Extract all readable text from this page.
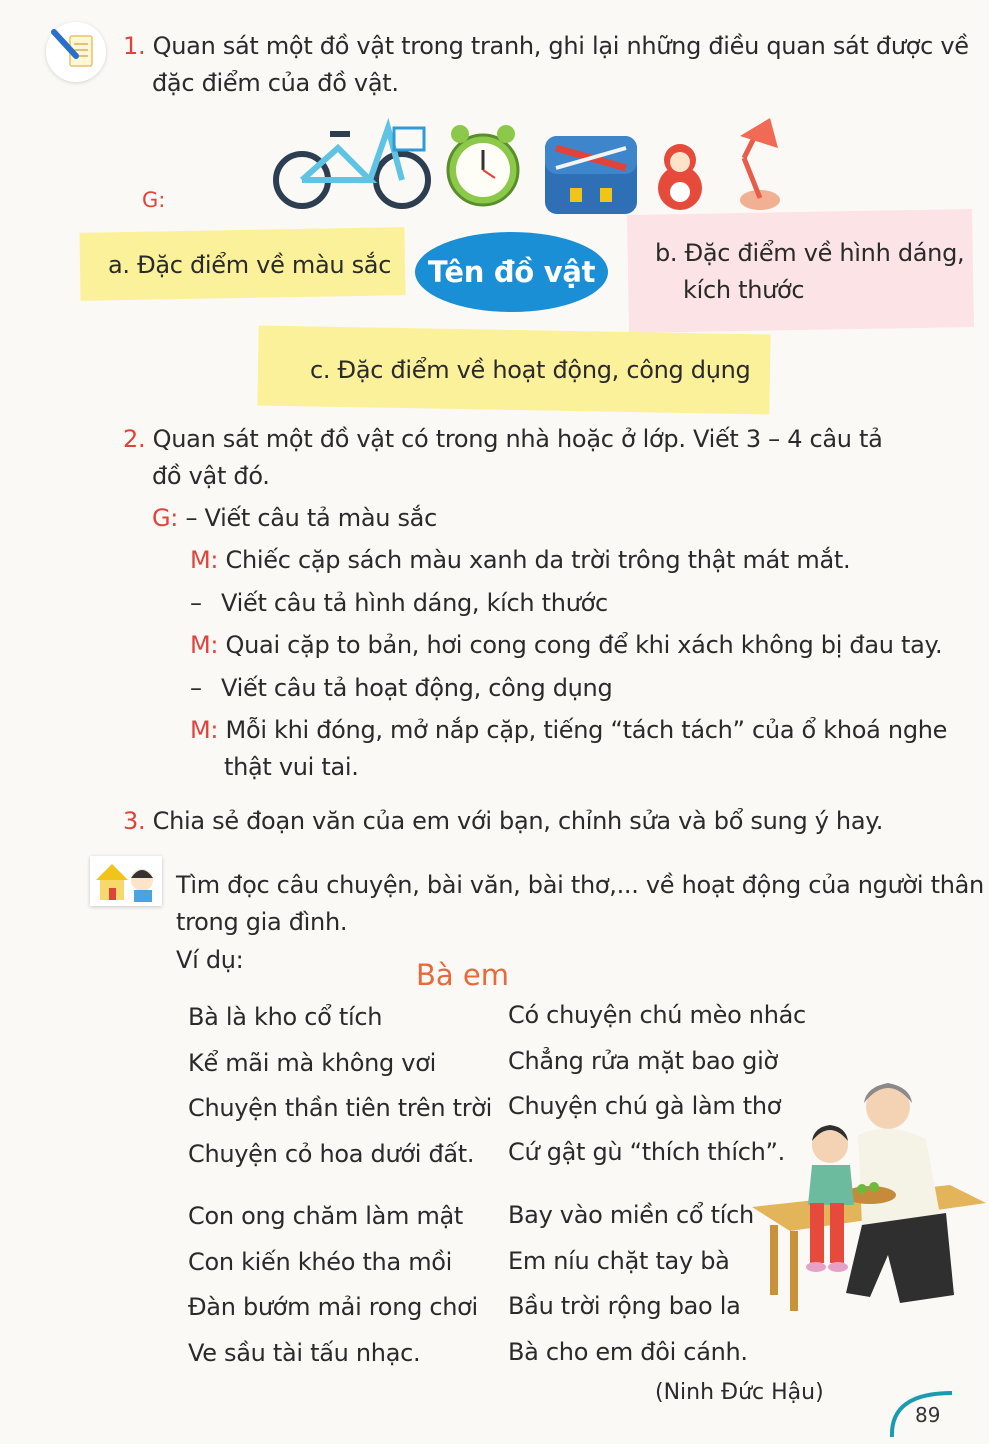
1. Quan sát một đồ vật trong tranh, ghi lại những điều quan sát được về
đặc điểm của đồ vật.
G:
a. Đặc điểm về màu sắc	Tên đồ vật
b. Đặc điểm về hình dáng,
kích thước
c. Đặc điểm về hoạt động, công dụng
2. Quan sát một đồ vật có trong nhà hoặc ở lớp. Viết 3 – 4 câu tả
đồ vật đó.
G: – Viết câu tả màu sắc
M: Chiếc cặp sách màu xanh da trời trông thật mát mắt.
– Viết câu tả hình dáng, kích thước
M: Quai cặp to bản, hơi cong cong để khi xách không bị đau tay.
– Viết câu tả hoạt động, công dụng
M: Mỗi khi đóng, mở nắp cặp, tiếng “tách tách” của ổ khoá nghe
thật vui tai.
3. Chia sẻ đoạn văn của em với bạn, chỉnh sửa và bổ sung ý hay.
Tìm đọc câu chuyện, bài văn, bài thơ,... về hoạt động của người thân
trong gia đình.
Ví dụ:	Bà em
Bà là kho cổ tích
Kể mãi mà không vơi
Chuyện thần tiên trên trời
Chuyện cỏ hoa dưới đất.
Có chuyện chú mèo nhác
Chẳng rửa mặt bao giờ
Chuyện chú gà làm thơ
Cứ gật gù “thích thích”.
Con ong chăm làm mật
Con kiến khéo tha mồi
Đàn bướm mải rong chơi
Ve sầu tài tấu nhạc.
Bay vào miền cổ tích
Em níu chặt tay bà
Bầu trời rộng bao la
Bà cho em đôi cánh.
(Ninh Đức Hậu)
89
